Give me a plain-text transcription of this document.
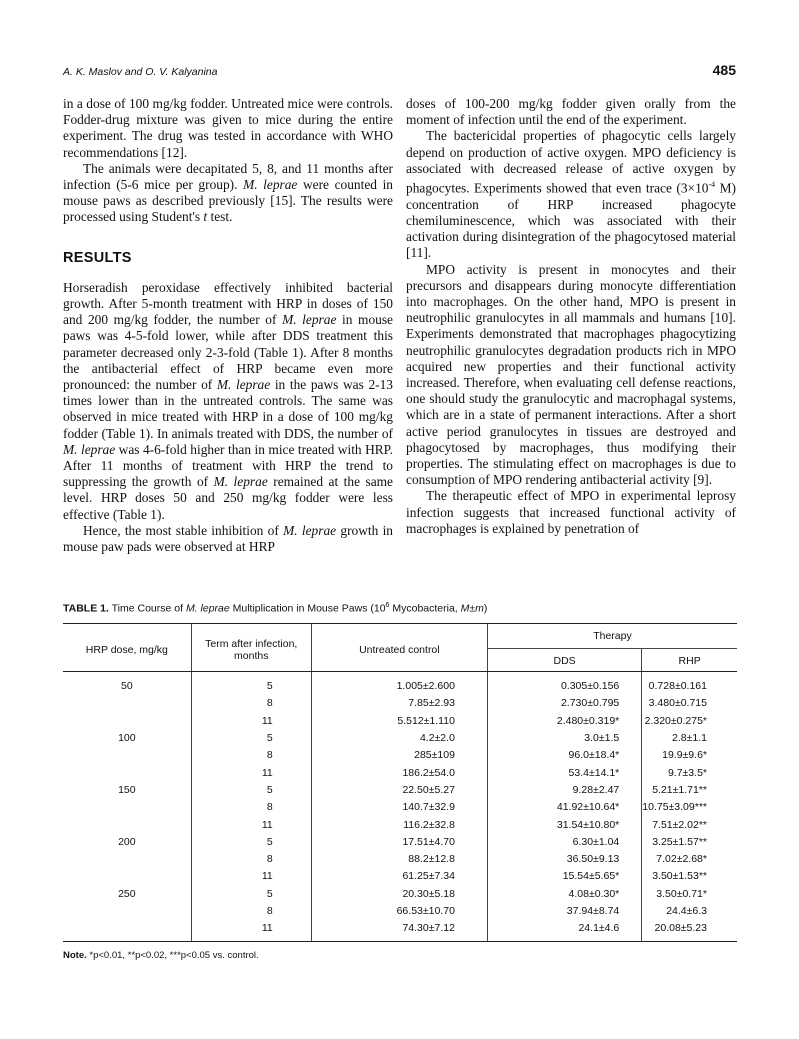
A. K. Maslov and O. V. Kalyanina	485

in a dose of 100 mg/kg fodder. Untreated mice were controls. Fodder-drug mixture was given to mice during the entire experiment. The drug was tested in accordance with WHO recommendations [12].

The animals were decapitated 5, 8, and 11 months after infection (5-6 mice per group). M. leprae were counted in mouse paws as described previously [15]. The results were processed using Student's t test.

RESULTS

Horseradish peroxidase effectively inhibited bacterial growth. After 5-month treatment with HRP in doses of 150 and 200 mg/kg fodder, the number of M. leprae in mouse paws was 4-5-fold lower, while after DDS treatment this parameter decreased only 2-3-fold (Table 1). After 8 months the antibacterial effect of HRP became even more pronounced: the number of M. leprae in the paws was 2-13 times lower than in the untreated controls. The same was observed in mice treated with HRP in a dose of 100 mg/kg fodder (Table 1). In animals treated with DDS, the number of M. leprae was 4-6-fold higher than in mice treated with HRP. After 11 months of treatment with HRP the trend to suppressing the growth of M. leprae remained at the same level. HRP doses 50 and 250 mg/kg fodder were less effective (Table 1).

Hence, the most stable inhibition of M. leprae growth in mouse paw pads were observed at HRP

doses of 100-200 mg/kg fodder given orally from the moment of infection until the end of the experiment.

The bactericidal properties of phagocytic cells largely depend on production of active oxygen. MPO deficiency is associated with decreased release of active oxygen by phagocytes. Experiments showed that even trace ($3\times 10^{-4}$ M) concentration of HRP increased phagocyte chemiluminescence, which was associated with their activation during disintegration of the phagocytosed material [11].

MPO activity is present in monocytes and their precursors and disappears during monocyte differentiation into macrophages. On the other hand, MPO is present in neutrophilic granulocytes in all mammals and humans [10]. Experiments demonstrated that macrophages phagocytizing neutrophilic granulocytes degradation products rich in MPO acquired new properties and their functional activity increased. Therefore, when evaluating cell defense reactions, one should study the granulocytic and macrophagal systems, which are in a state of permanent interactions. After a short active period granulocytes in tissues are destroyed and phagocytosed by macrophages, thus modifying their properties. The stimulating effect on macrophages is due to consumption of MPO rendering antibacterial activity [9].

The therapeutic effect of MPO in experimental leprosy infection suggests that increased functional activity of macrophages is explained by penetration of

TABLE 1. Time Course of M. leprae Multiplication in Mouse Paws ($10^6$ Mycobacteria, M±m)
HRP dose, mg/kg	Term after infection, months	Untreated control	Therapy	
			DDS	RHP
50	5	1.005±2.600	0.305±0.156	0.728±0.161
	8	7.85±2.93	2.730±0.795	3.480±0.715
	11	5.512±1.110	2.480±0.319*	2.320±0.275*
100	5	4.2±2.0	3.0±1.5	2.8±1.1
	8	285±109	96.0±18.4*	19.9±9.6*
	11	186.2±54.0	53.4±14.1*	9.7±3.5*
150	5	22.50±5.27	9.28±2.47	5.21±1.71**
	8	140.7±32.9	41.92±10.64*	10.75±3.09***
	11	116.2±32.8	31.54±10.80*	7.51±2.02**
200	5	17.51±4.70	6.30±1.04	3.25±1.57**
	8	88.2±12.8	36.50±9.13	7.02±2.68*
	11	61.25±7.34	15.54±5.65*	3.50±1.53**
250	5	20.30±5.18	4.08±0.30*	3.50±0.71*
	8	66.53±10.70	37.94±8.74	24.4±6.3
	11	74.30±7.12	24.1±4.6	20.08±5.23
Note. *p<0.01, **p<0.02, ***p<0.05 vs. control.
